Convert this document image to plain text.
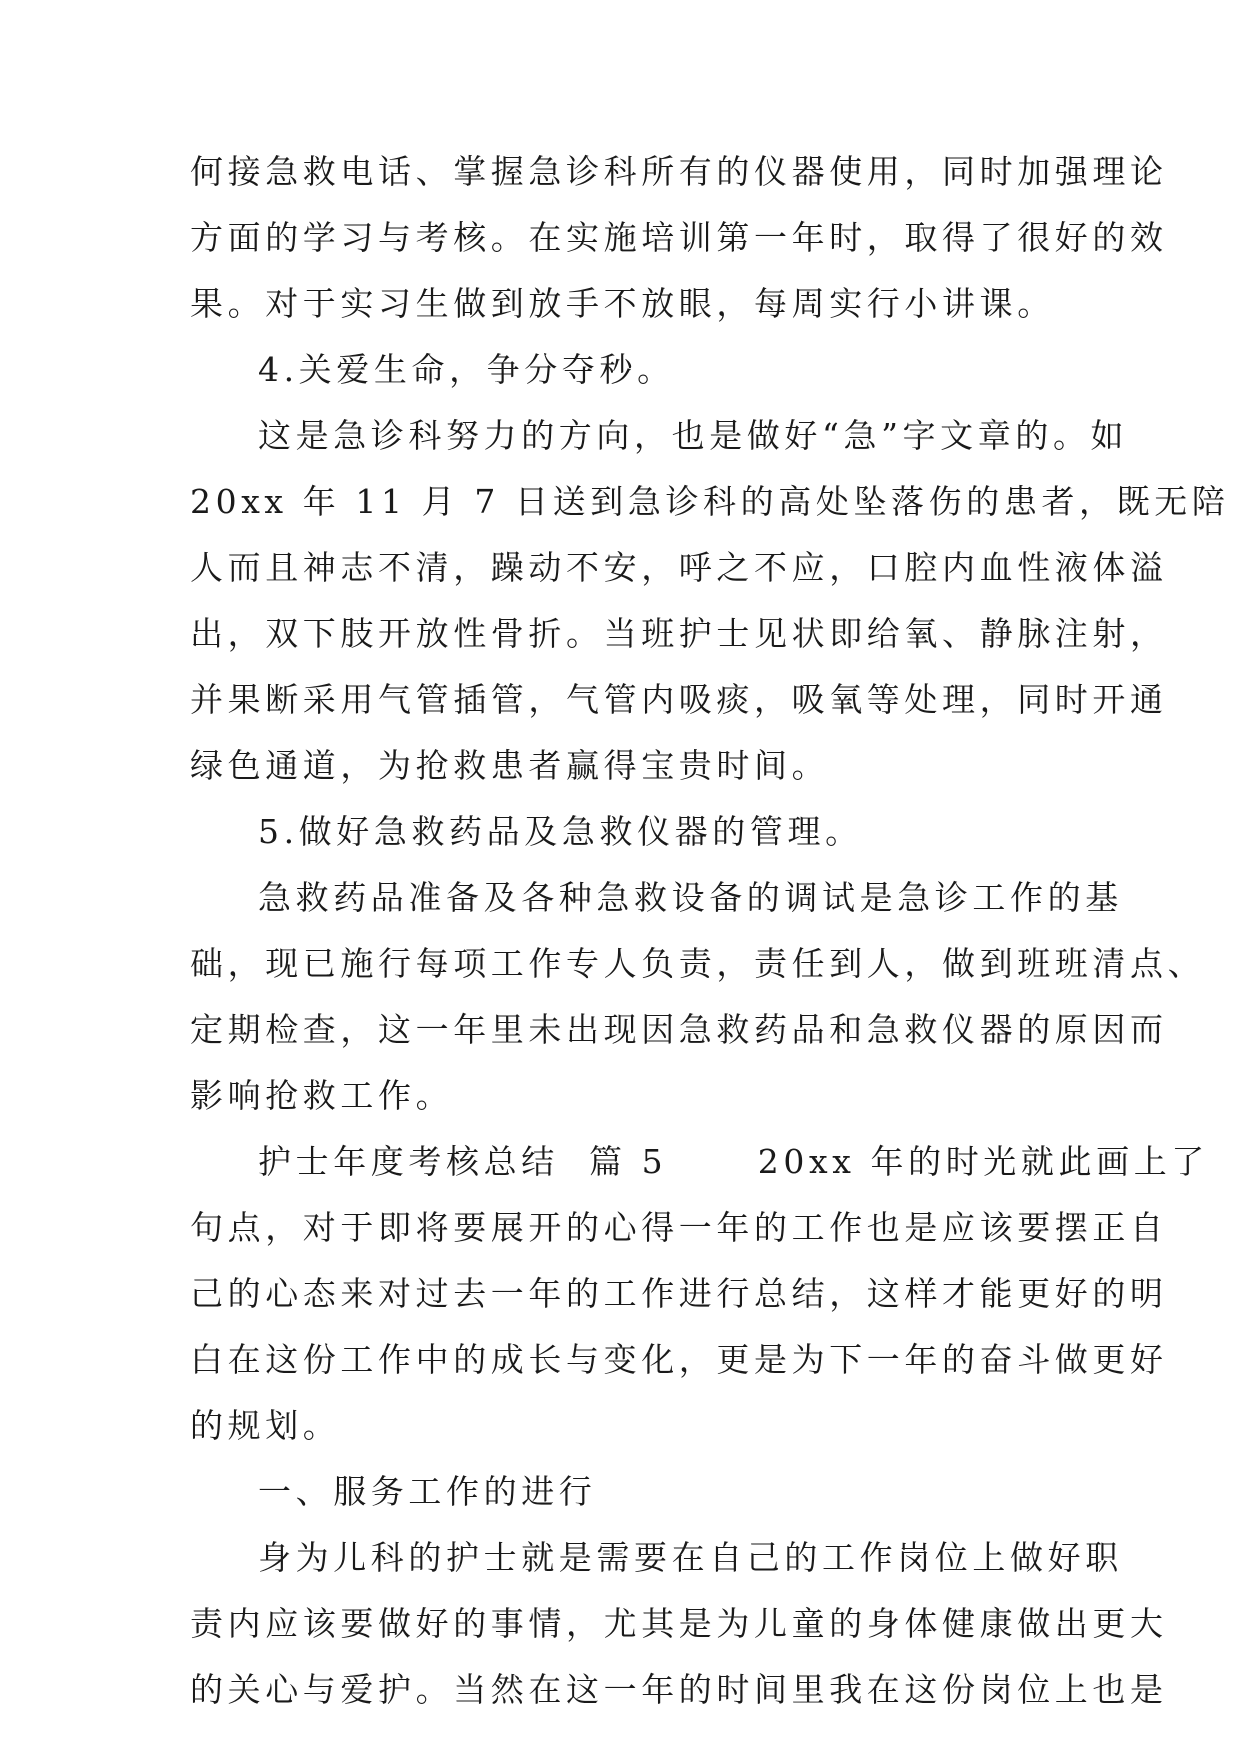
何接急救电话、掌握急诊科所有的仪器使用，同时加强理论
方面的学习与考核。在实施培训第一年时，取得了很好的效
果。对于实习生做到放手不放眼，每周实行小讲课。
4.关爱生命，争分夺秒。
这是急诊科努力的方向，也是做好“急”字文章的。如
20xx 年 11 月 7 日送到急诊科的高处坠落伤的患者，既无陪
人而且神志不清，躁动不安，呼之不应，口腔内血性液体溢
出，双下肢开放性骨折。当班护士见状即给氧、静脉注射，
并果断采用气管插管，气管内吸痰，吸氧等处理，同时开通
绿色通道，为抢救患者赢得宝贵时间。
5.做好急救药品及急救仪器的管理。
急救药品准备及各种急救设备的调试是急诊工作的基
础，现已施行每项工作专人负责，责任到人，做到班班清点、
定期检查，这一年里未出现因急救药品和急救仪器的原因而
影响抢救工作。
护士年度考核总结  篇 5      20xx 年的时光就此画上了
句点，对于即将要展开的心得一年的工作也是应该要摆正自
己的心态来对过去一年的工作进行总结，这样才能更好的明
白在这份工作中的成长与变化，更是为下一年的奋斗做更好
的规划。
一、服务工作的进行
身为儿科的护士就是需要在自己的工作岗位上做好职
责内应该要做好的事情，尤其是为儿童的身体健康做出更大
的关心与爱护。当然在这一年的时间里我在这份岗位上也是
